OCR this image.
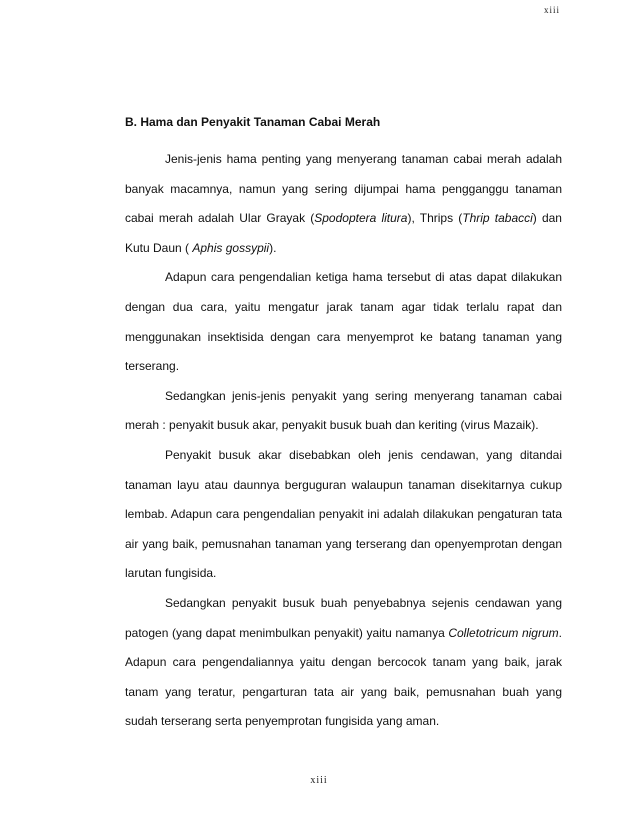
xiii
B. Hama dan Penyakit Tanaman Cabai Merah

Jenis-jenis hama penting yang menyerang tanaman cabai merah adalah banyak macamnya, namun yang sering dijumpai hama pengganggu tanaman cabai merah adalah Ular Grayak (Spodoptera litura), Thrips (Thrip tabacci) dan Kutu Daun ( Aphis gossypii).

Adapun cara pengendalian ketiga hama tersebut di atas dapat dilakukan dengan dua cara, yaitu mengatur jarak tanam agar tidak terlalu rapat dan menggunakan insektisida dengan cara menyemprot ke batang tanaman yang terserang.

Sedangkan jenis-jenis penyakit yang sering menyerang tanaman cabai merah : penyakit busuk akar, penyakit busuk buah dan keriting (virus Mazaik).

Penyakit busuk akar disebabkan oleh jenis cendawan, yang ditandai tanaman layu atau daunnya berguguran walaupun tanaman disekitarnya cukup lembab. Adapun cara pengendalian penyakit ini adalah dilakukan pengaturan tata air yang baik, pemusnahan tanaman yang terserang dan openyemprotan dengan larutan fungisida.

Sedangkan penyakit busuk buah penyebabnya sejenis cendawan yang patogen (yang dapat menimbulkan penyakit) yaitu namanya Colletotricum nigrum. Adapun cara pengendaliannya yaitu dengan bercocok tanam yang baik, jarak tanam yang teratur, pengarturan tata air yang baik, pemusnahan buah yang sudah terserang serta penyemprotan fungisida yang aman.

xiii
